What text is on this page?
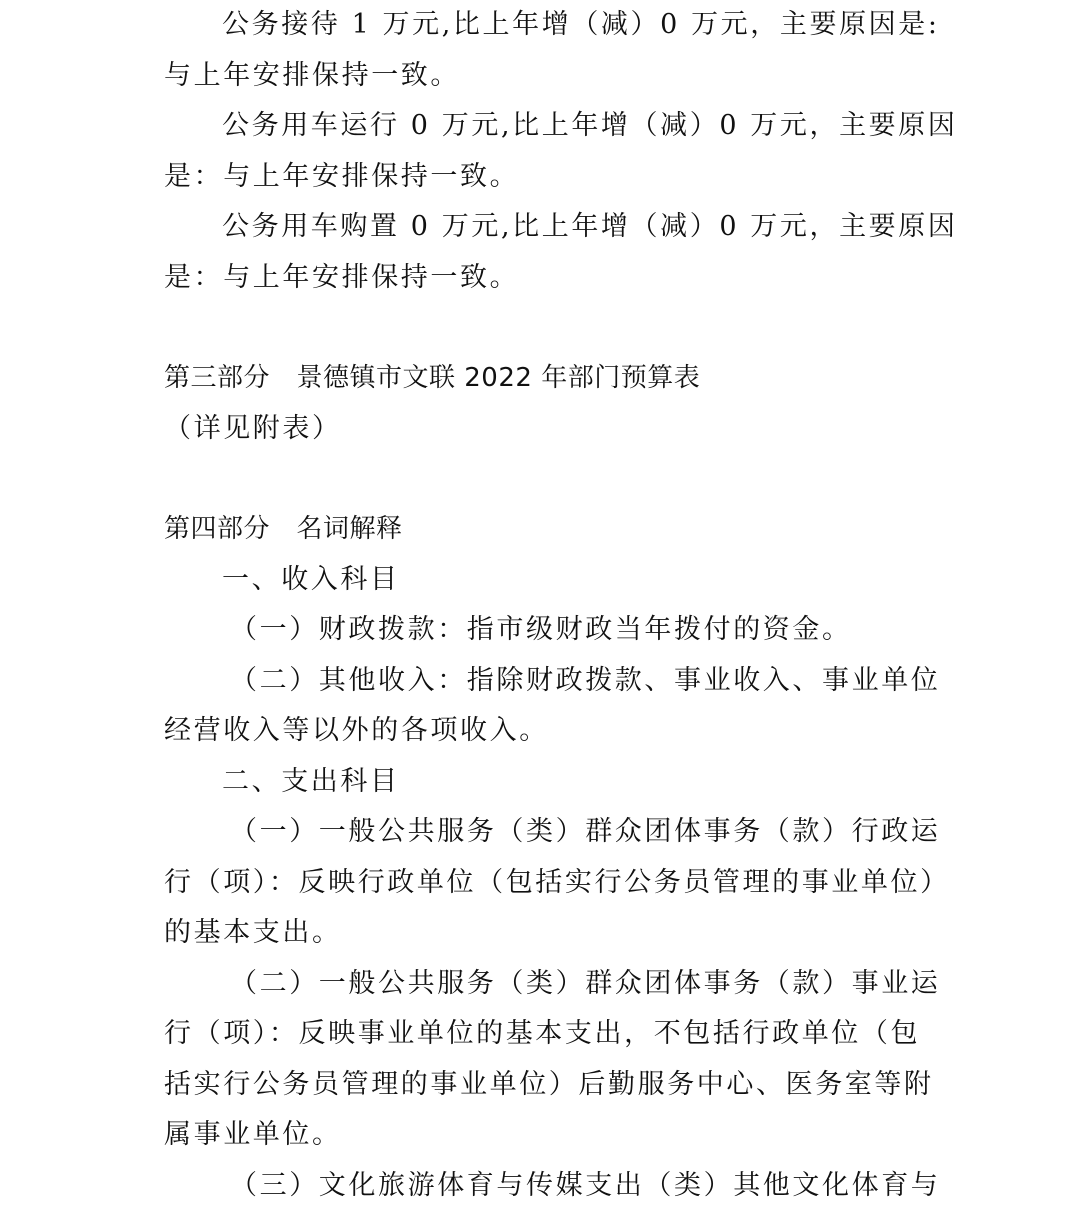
公务接待 1 万元,比上年增（减）0 万元，主要原因是:

与上年安排保持一致。

公务用车运行 0 万元,比上年增（减）0 万元，主要原因

是：与上年安排保持一致。

公务用车购置 0 万元,比上年增（减）0 万元，主要原因

是：与上年安排保持一致。

第三部分　景德镇市文联 2022 年部门预算表

（详见附表）

第四部分　名词解释

一、收入科目

（一）财政拨款：指市级财政当年拨付的资金。

（二）其他收入：指除财政拨款、事业收入、事业单位

经营收入等以外的各项收入。

二、支出科目

（一）一般公共服务（类）群众团体事务（款）行政运

行（项）：反映行政单位（包括实行公务员管理的事业单位）

的基本支出。

（二）一般公共服务（类）群众团体事务（款）事业运

行（项）：反映事业单位的基本支出，不包括行政单位（包

括实行公务员管理的事业单位）后勤服务中心、医务室等附

属事业单位。

（三）文化旅游体育与传媒支出（类）其他文化体育与
